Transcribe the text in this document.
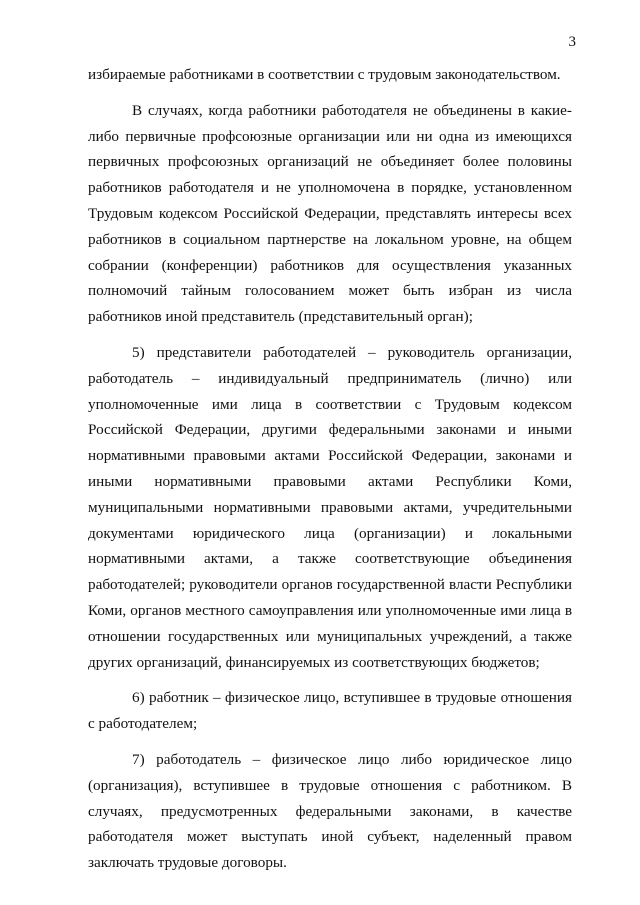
3

избираемые работниками в соответствии с трудовым законодательством.

В случаях, когда работники работодателя не объединены в какие-либо первичные профсоюзные организации или ни одна из имеющихся первичных профсоюзных организаций не объединяет более половины работников работодателя и не уполномочена в порядке, установленном Трудовым кодексом Российской Федерации, представлять интересы всех работников в социальном партнерстве на локальном уровне, на общем собрании (конференции) работников для осуществления указанных полномочий тайным голосованием может быть избран из числа работников иной представитель (представительный орган);

5) представители работодателей – руководитель организации, работодатель – индивидуальный предприниматель (лично) или уполномоченные ими лица в соответствии с Трудовым кодексом Российской Федерации, другими федеральными законами и иными нормативными правовыми актами Российской Федерации, законами и иными нормативными правовыми актами Республики Коми, муниципальными нормативными правовыми актами, учредительными документами юридического лица (организации) и локальными нормативными актами, а также соответствующие объединения работодателей; руководители органов государственной власти Республики Коми, органов местного самоуправления или уполномоченные ими лица в отношении государственных или муниципальных учреждений, а также других организаций, финансируемых из соответствующих бюджетов;

6) работник – физическое лицо, вступившее в трудовые отношения с работодателем;

7) работодатель – физическое лицо либо юридическое лицо (организация), вступившее в трудовые отношения с работником. В случаях, предусмотренных федеральными законами, в качестве работодателя может выступать иной субъект, наделенный правом заключать трудовые договоры.
